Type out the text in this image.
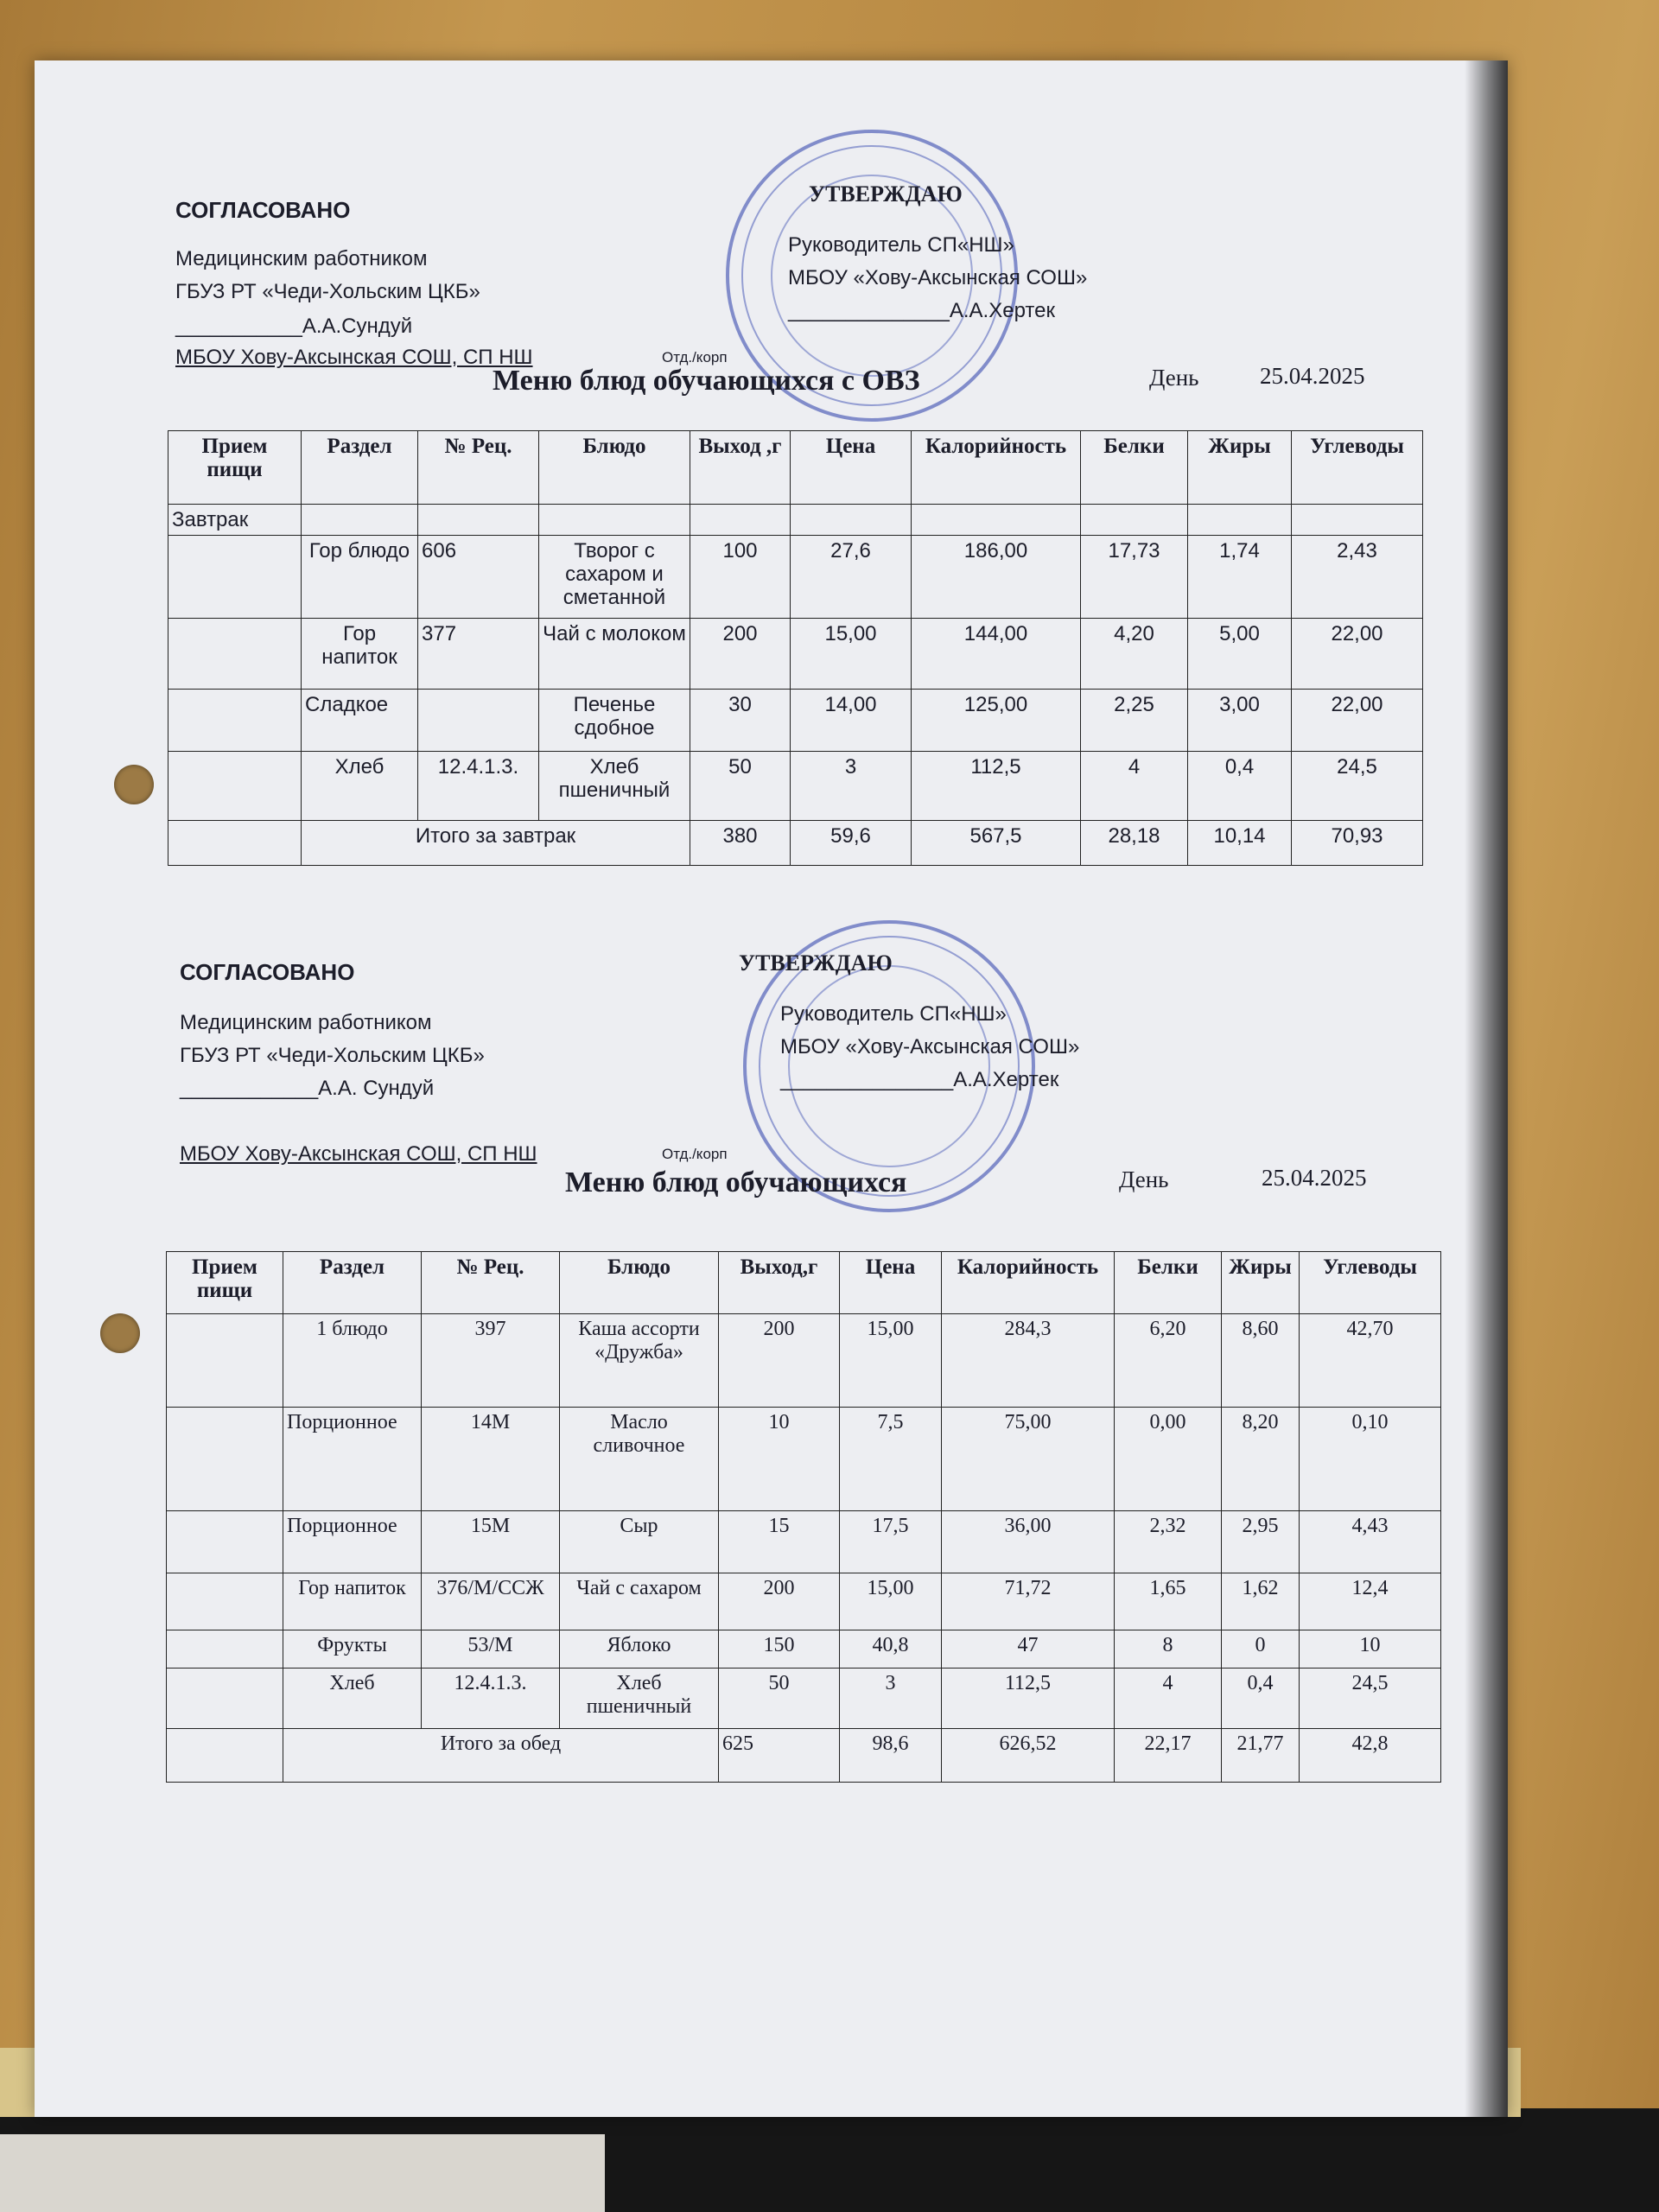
СОГЛАСОВАНО
Медицинским работником
ГБУЗ РТ «Чеди-Хольским ЦКБ»
___________А.А.Сундуй
МБОУ Хову-Аксынская СОШ, СП НШ	Отд./корп
УТВЕРЖДАЮ
Руководитель СП«НШ»
МБОУ «Хову-Аксынская СОШ»
______________А.А.Хертек
Меню блюд обучающихся с ОВЗ	День	25.04.2025
Прием пищи	Раздел	№ Рец.	Блюдо	Выход ,г	Цена	Калорийность	Белки	Жиры	Углеводы
Завтрак									
	Гор блюдо	606	Творог с сахаром и сметанной	100	27,6	186,00	17,73	1,74	2,43
	Гор напиток	377	Чай с молоком	200	15,00	144,00	4,20	5,00	22,00
	Сладкое		Печенье сдобное	30	14,00	125,00	2,25	3,00	22,00
	Хлеб	12.4.1.3.	Хлеб пшеничный	50	3	112,5	4	0,4	24,5
	Итого за завтрак			380	59,6	567,5	28,18	10,14	70,93
СОГЛАСОВАНО
Медицинским работником
ГБУЗ РТ «Чеди-Хольским ЦКБ»
____________А.А. Сундуй
МБОУ Хову-Аксынская СОШ, СП НШ	Отд./корп
УТВЕРЖДАЮ
Руководитель СП«НШ»
МБОУ «Хову-Аксынская СОШ»
_______________А.А.Хертек
Меню блюд обучающихся	День	25.04.2025
Прием пищи	Раздел	№ Рец.	Блюдо	Выход,г	Цена	Калорийность	Белки	Жиры	Углеводы
	1 блюдо	397	Каша ассорти «Дружба»	200	15,00	284,3	6,20	8,60	42,70
	Порционное	14М	Масло сливочное	10	7,5	75,00	0,00	8,20	0,10
	Порционное	15М	Сыр	15	17,5	36,00	2,32	2,95	4,43
	Гор напиток	376/М/ССЖ	Чай с сахаром	200	15,00	71,72	1,65	1,62	12,4
	Фрукты	53/М	Яблоко	150	40,8	47	8	0	10
	Хлеб	12.4.1.3.	Хлеб пшеничный	50	3	112,5	4	0,4	24,5
	Итого за обед			625	98,6	626,52	22,17	21,77	42,8
